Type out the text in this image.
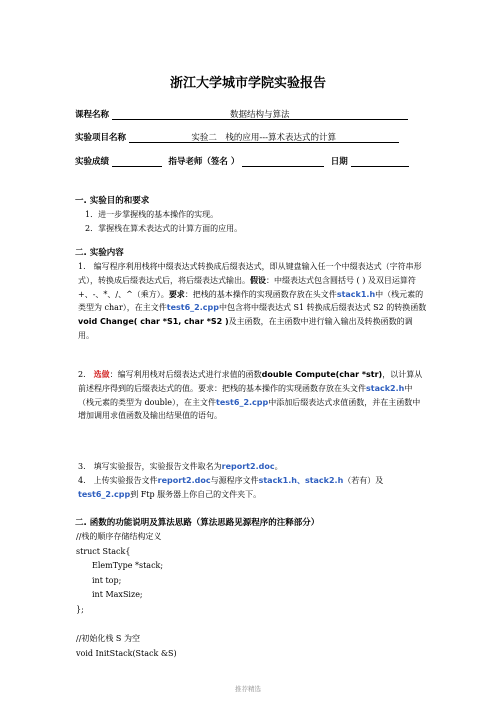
浙江大学城市学院实验报告
课程名称	数据结构与算法
实验项目名称	实验二　栈的应用---算术表达式的计算
实验成绩	指导老师（签名 ）	日期
一. 实验目的和要求
1．进一步掌握栈的基本操作的实现。
2．掌握栈在算术表达式的计算方面的应用。
二. 实验内容
1.　编写程序利用栈将中缀表达式转换成后缀表达式，即从键盘输入任一个中缀表达式（字符串形式），转换成后缀表达式后，将后缀表达式输出。假设：中缀表达式包含圆括号 ( ) 及双目运算符 +、-、*、/、^（乘方）。要求：把栈的基本操作的实现函数存放在头文件stack1.h中（栈元素的类型为 char），在主文件test6_2.cpp中包含将中缀表达式 S1 转换成后缀表达式 S2 的转换函数void Change( char *S1, char *S2 )及主函数，在主函数中进行输入输出及转换函数的调用。
2.　选做：编写利用栈对后缀表达式进行求值的函数double Compute(char *str)，以计算从前述程序得到的后缀表达式的值。要求：把栈的基本操作的实现函数存放在头文件stack2.h中（栈元素的类型为 double），在主文件test6_2.cpp中添加后缀表达式求值函数，并在主函数中增加调用求值函数及输出结果值的语句。
3.　填写实验报告，实验报告文件取名为report2.doc。
4.　上传实验报告文件report2.doc与源程序文件stack1.h、stack2.h（若有）及test6_2.cpp到 Ftp 服务器上你自己的文件夹下。
二. 函数的功能说明及算法思路（算法思路见源程序的注释部分）
//栈的顺序存储结构定义
struct Stack{
ElemType *stack;
int top;
int MaxSize;
};
//初始化栈 S 为空
void InitStack(Stack &S)
推荐精选
